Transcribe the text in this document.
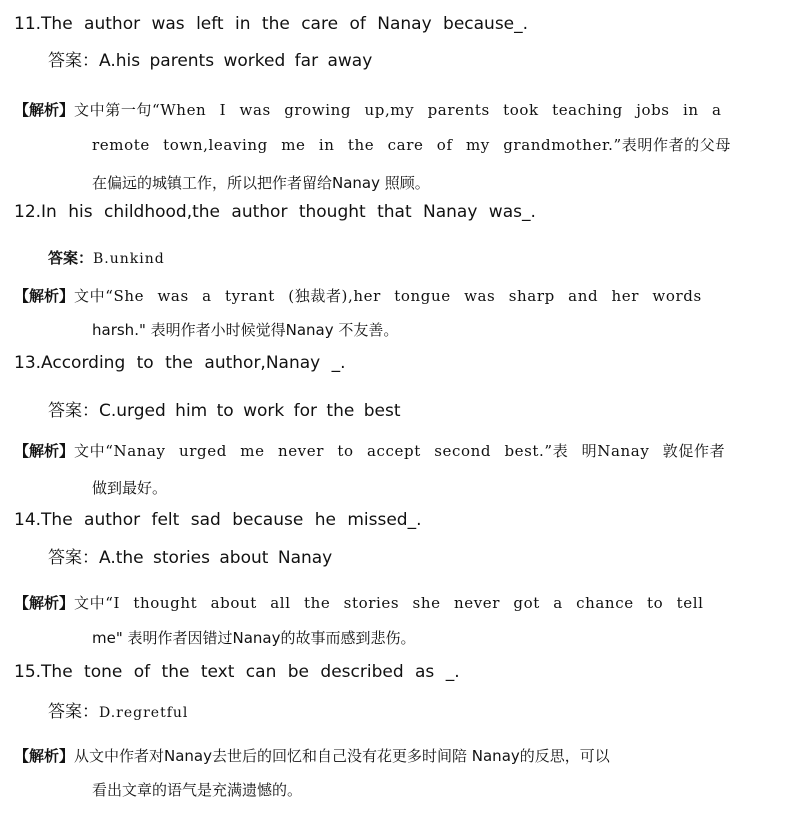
11.The author was left in the care of Nanay because_.
答案：A.his parents worked far away
【解析】文中第一句“When I was growing up,my parents took teaching jobs in a
remote town,leaving me in the care of my grandmother.”表明作者的父母
在偏远的城镇工作，所以把作者留给Nanay 照顾。
12.In his childhood,the author thought that Nanay was_.
答案：B.unkind
【解析】文中“She was a tyrant (独裁者),her tongue was sharp and her words
harsh." 表明作者小时候觉得Nanay 不友善。
13.According to the author,Nanay _.
答案：C.urged him to work for the best
【解析】文中“Nanay urged me never to accept second best.”表 明Nanay 敦促作者
做到最好。
14.The author felt sad because he missed_.
答案：A.the stories about Nanay
【解析】文中“I thought about all the stories she never got a chance to tell
me" 表明作者因错过Nanay的故事而感到悲伤。
15.The tone of the text can be described as _.
答案：D.regretful
【解析】从文中作者对Nanay去世后的回忆和自己没有花更多时间陪 Nanay的反思，可以
看出文章的语气是充满遗憾的。
